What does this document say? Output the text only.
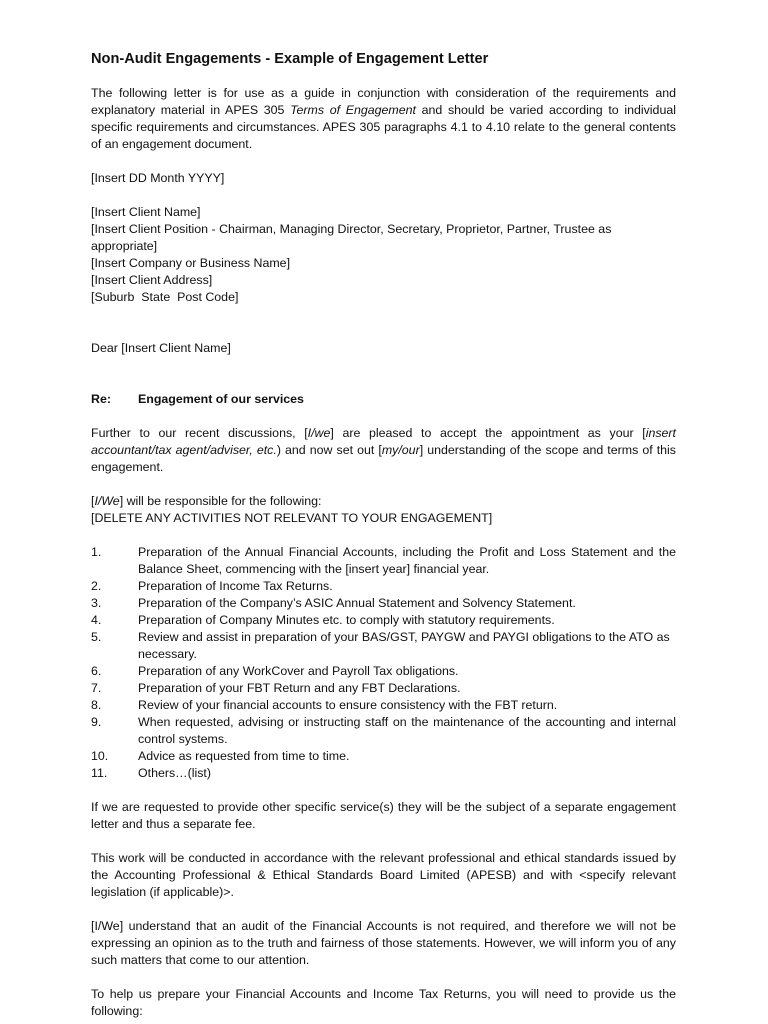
Non-Audit Engagements - Example of Engagement Letter

The following letter is for use as a guide in conjunction with consideration of the requirements and explanatory material in APES 305 Terms of Engagement and should be varied according to individual specific requirements and circumstances. APES 305 paragraphs 4.1 to 4.10 relate to the general contents of an engagement document.

[Insert DD Month YYYY]

[Insert Client Name]

[Insert Client Position - Chairman, Managing Director, Secretary, Proprietor, Partner, Trustee as appropriate]

[Insert Company or Business Name]

[Insert Client Address]

[Suburb  State  Post Code]

Dear [Insert Client Name]

Re:	Engagement of our services

Further to our recent discussions, [I/we] are pleased to accept the appointment as your [insert accountant/tax agent/adviser, etc.) and now set out [my/our] understanding of the scope and terms of this engagement.

[I/We] will be responsible for the following:

[DELETE ANY ACTIVITIES NOT RELEVANT TO YOUR ENGAGEMENT]

1.	Preparation of the Annual Financial Accounts, including the Profit and Loss Statement and the Balance Sheet, commencing with the [insert year] financial year.
2.	Preparation of Income Tax Returns.
3.	Preparation of the Company’s ASIC Annual Statement and Solvency Statement.
4.	Preparation of Company Minutes etc. to comply with statutory requirements.
5.	Review and assist in preparation of your BAS/GST, PAYGW and PAYGI obligations to the ATO as necessary.
6.	Preparation of any WorkCover and Payroll Tax obligations.
7.	Preparation of your FBT Return and any FBT Declarations.
8.	Review of your financial accounts to ensure consistency with the FBT return.
9.	When requested, advising or instructing staff on the maintenance of the accounting and internal control systems.
10.	Advice as requested from time to time.
11.	Others…(list)

If we are requested to provide other specific service(s) they will be the subject of a separate engagement letter and thus a separate fee.

This work will be conducted in accordance with the relevant professional and ethical standards issued by the Accounting Professional & Ethical Standards Board Limited (APESB) and with <specify relevant legislation (if applicable)>.

[I/We] understand that an audit of the Financial Accounts is not required, and therefore we will not be expressing an opinion as to the truth and fairness of those statements. However, we will inform you of any such matters that come to our attention.

To help us prepare your Financial Accounts and Income Tax Returns, you will need to provide us the following:
